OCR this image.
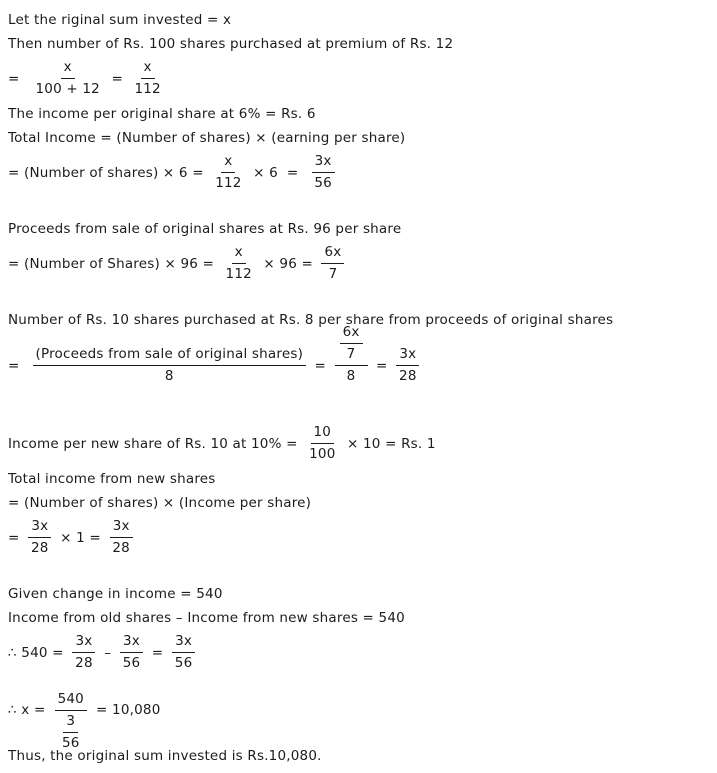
Let the riginal sum invested = x
Then number of Rs. 100 shares purchased at premium of Rs. 12
= $\frac{x}{100 + 12} = \frac{x}{112}$
The income per original share at 6% = Rs. 6
Total Income = (Number of shares) × (earning per share)
= (Number of shares) × $6 = \frac{x}{112} \times 6 = \frac{3x}{56}$
Proceeds from sale of original shares at Rs. 96 per share
= (Number of Shares) × $96 = \frac{x}{112} \times 96 = \frac{6x}{7}$
Number of Rs. 10 shares purchased at Rs. 8 per share from proceeds of original shares
= $\frac{\text{(Proceeds from sale of original shares)}}{8} = \frac{\frac{6x}{7}}{8} = \frac{3x}{28}$
Income per new share of Rs. 10 at $10\% = \frac{10}{100} \times 10 = Rs$. 1
Total income from new shares
= (Number of shares) × (Income per share)
= $\frac{3x}{28} \times 1 = \frac{3x}{28}$
Given change in income = 540
Income from old shares – Income from new shares = 540
∴ $540 = \frac{3x}{28} - \frac{3x}{56} = \frac{3x}{56}$
∴ $x = \frac{540}{\frac{3}{56}} = 10,080$
Thus, the original sum invested is Rs.10,080.
